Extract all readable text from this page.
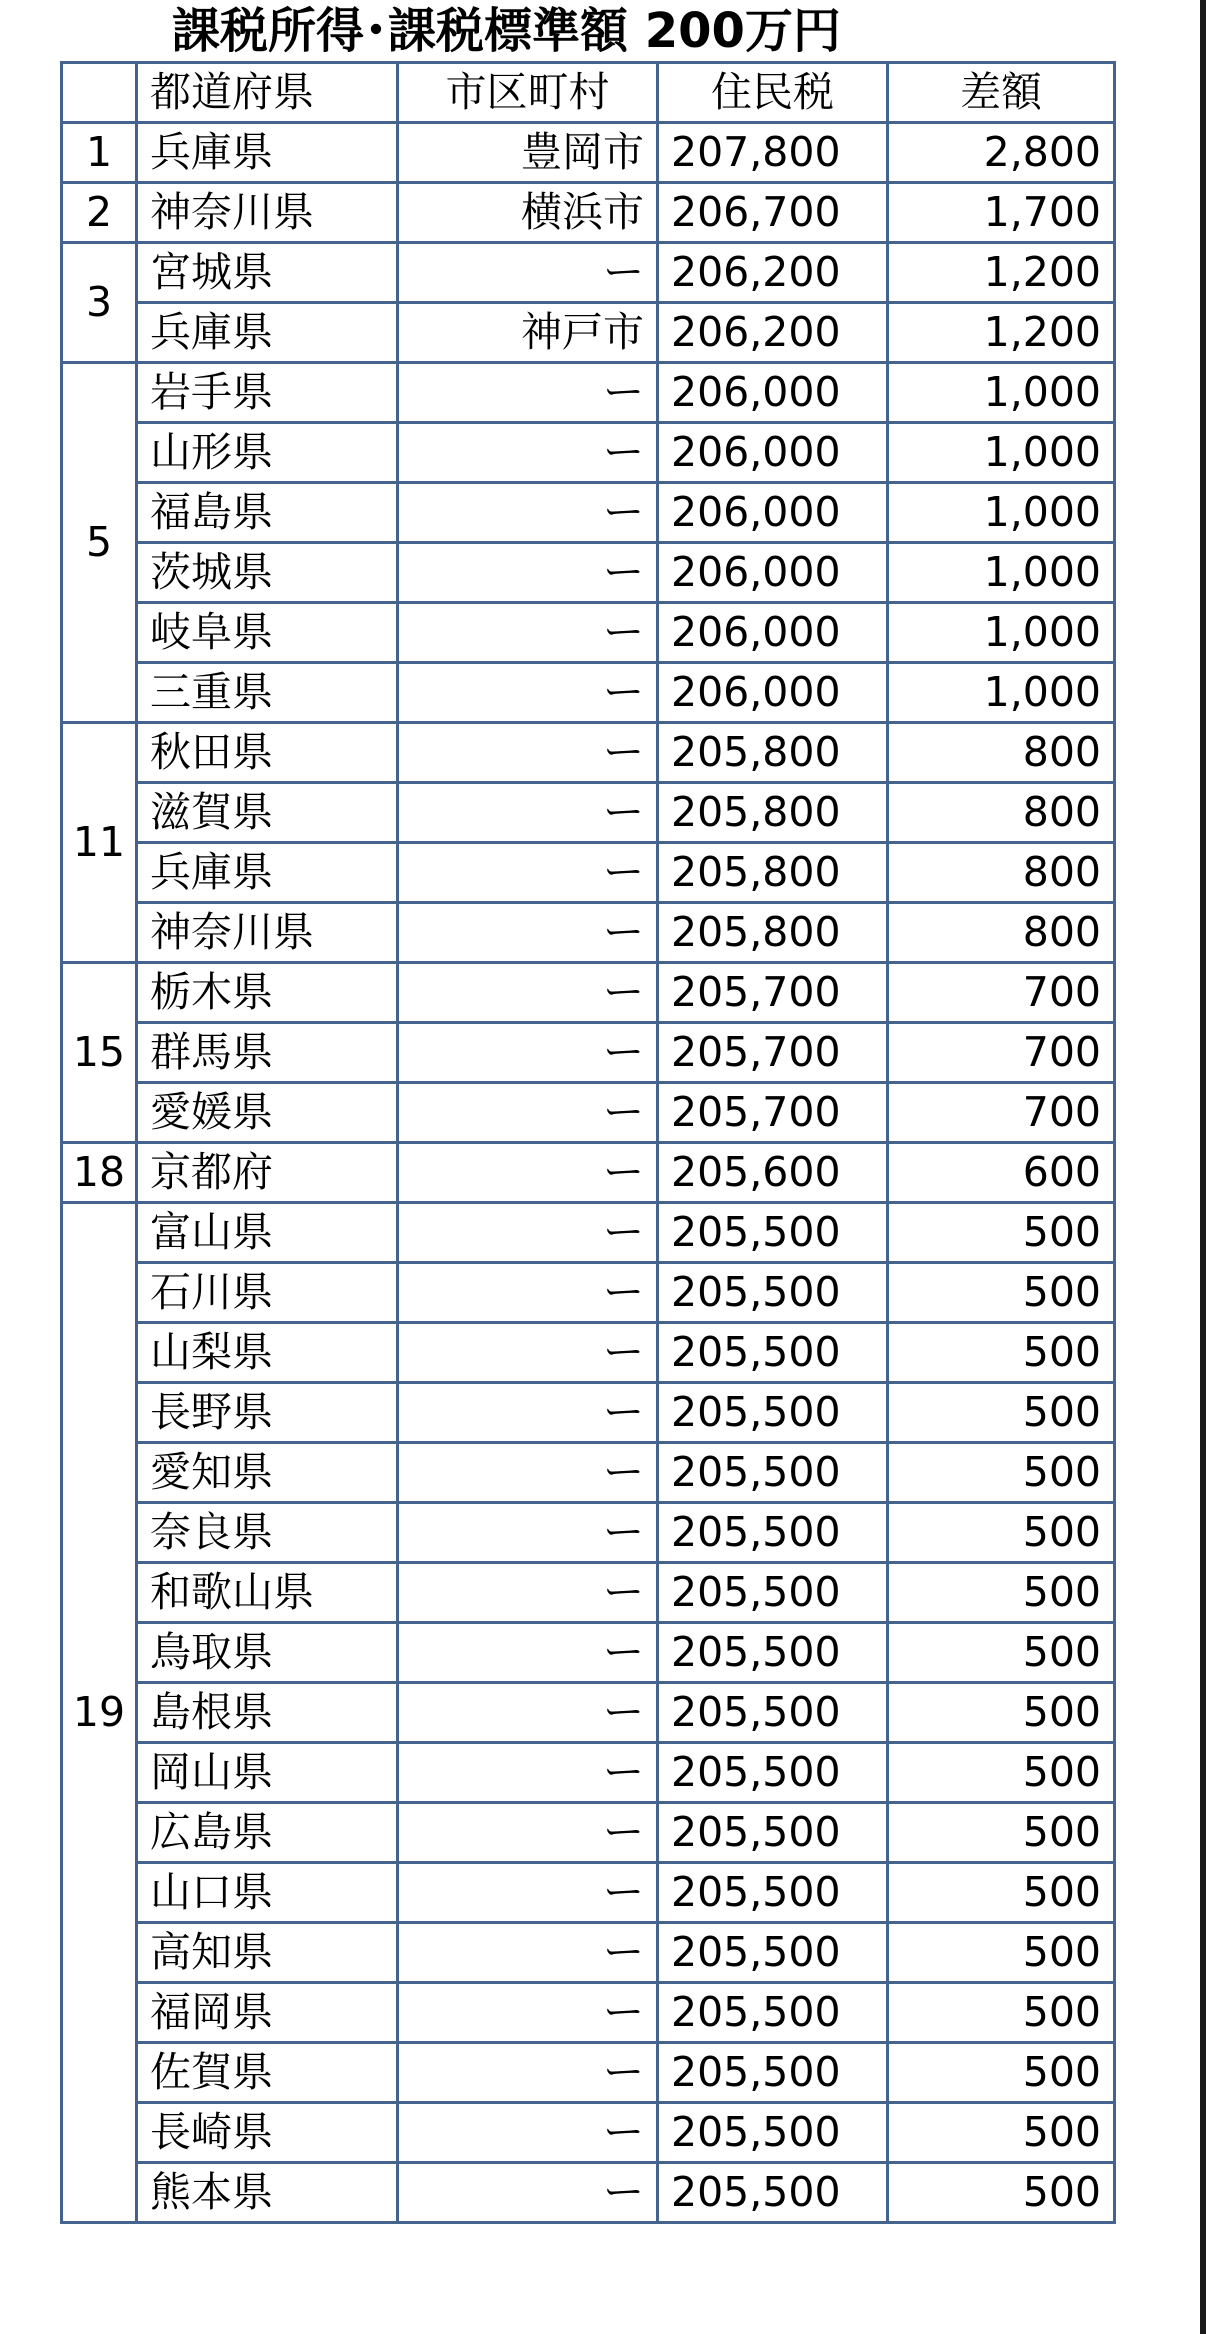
課税所得･課税標準額 200万円
	都道府県	市区町村	住民税	差額
1	兵庫県	豊岡市	207,800	2,800
2	神奈川県	横浜市	206,700	1,700
3	宮城県	ー	206,200	1,200
	兵庫県	神戸市	206,200	1,200
5	岩手県	ー	206,000	1,000
	山形県	ー	206,000	1,000
	福島県	ー	206,000	1,000
	茨城県	ー	206,000	1,000
	岐阜県	ー	206,000	1,000
	三重県	ー	206,000	1,000
11	秋田県	ー	205,800	800
	滋賀県	ー	205,800	800
	兵庫県	ー	205,800	800
	神奈川県	ー	205,800	800
15	栃木県	ー	205,700	700
	群馬県	ー	205,700	700
	愛媛県	ー	205,700	700
18	京都府	ー	205,600	600
19	富山県	ー	205,500	500
	石川県	ー	205,500	500
	山梨県	ー	205,500	500
	長野県	ー	205,500	500
	愛知県	ー	205,500	500
	奈良県	ー	205,500	500
	和歌山県	ー	205,500	500
	鳥取県	ー	205,500	500
	島根県	ー	205,500	500
	岡山県	ー	205,500	500
	広島県	ー	205,500	500
	山口県	ー	205,500	500
	高知県	ー	205,500	500
	福岡県	ー	205,500	500
	佐賀県	ー	205,500	500
	長崎県	ー	205,500	500
	熊本県	ー	205,500	500
